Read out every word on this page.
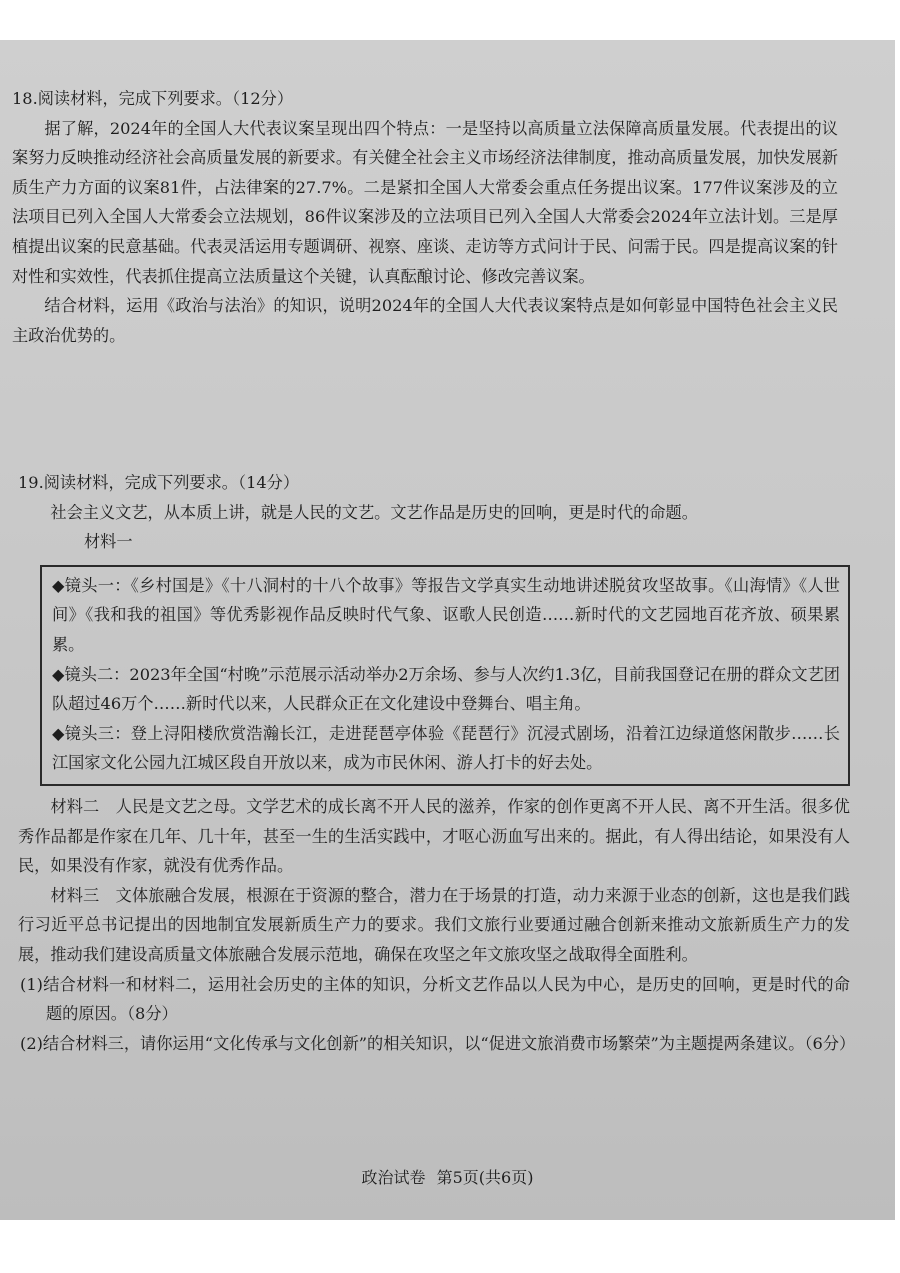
18.阅读材料，完成下列要求。（12分）

据了解，2024年的全国人大代表议案呈现出四个特点：一是坚持以高质量立法保障高质量发展。代表提出的议案努力反映推动经济社会高质量发展的新要求。有关健全社会主义市场经济法律制度，推动高质量发展，加快发展新质生产力方面的议案81件，占法律案的27.7%。二是紧扣全国人大常委会重点任务提出议案。177件议案涉及的立法项目已列入全国人大常委会立法规划，86件议案涉及的立法项目已列入全国人大常委会2024年立法计划。三是厚植提出议案的民意基础。代表灵活运用专题调研、视察、座谈、走访等方式问计于民、问需于民。四是提高议案的针对性和实效性，代表抓住提高立法质量这个关键，认真酝酿讨论、修改完善议案。

结合材料，运用《政治与法治》的知识，说明2024年的全国人大代表议案特点是如何彰显中国特色社会主义民主政治优势的。

19.阅读材料，完成下列要求。（14分）

社会主义文艺，从本质上讲，就是人民的文艺。文艺作品是历史的回响，更是时代的命题。

材料一

◆镜头一：《乡村国是》《十八洞村的十八个故事》等报告文学真实生动地讲述脱贫攻坚故事。《山海情》《人世间》《我和我的祖国》等优秀影视作品反映时代气象、讴歌人民创造……新时代的文艺园地百花齐放、硕果累累。

◆镜头二：2023年全国“村晚”示范展示活动举办2万余场、参与人次约1.3亿，目前我国登记在册的群众文艺团队超过46万个……新时代以来，人民群众正在文化建设中登舞台、唱主角。

◆镜头三：登上浔阳楼欣赏浩瀚长江，走进琵琶亭体验《琵琶行》沉浸式剧场，沿着江边绿道悠闲散步……长江国家文化公园九江城区段自开放以来，成为市民休闲、游人打卡的好去处。

材料二　人民是文艺之母。文学艺术的成长离不开人民的滋养，作家的创作更离不开人民、离不开生活。很多优秀作品都是作家在几年、几十年，甚至一生的生活实践中，才呕心沥血写出来的。据此，有人得出结论，如果没有人民，如果没有作家，就没有优秀作品。

材料三　文体旅融合发展，根源在于资源的整合，潜力在于场景的打造，动力来源于业态的创新，这也是我们践行习近平总书记提出的因地制宜发展新质生产力的要求。我们文旅行业要通过融合创新来推动文旅新质生产力的发展，推动我们建设高质量文体旅融合发展示范地，确保在攻坚之年文旅攻坚之战取得全面胜利。

(1)结合材料一和材料二，运用社会历史的主体的知识，分析文艺作品以人民为中心，是历史的回响，更是时代的命题的原因。（8分）

(2)结合材料三，请你运用“文化传承与文化创新”的相关知识，以“促进文旅消费市场繁荣”为主题提两条建议。（6分）

政治试卷 第5页(共6页)
